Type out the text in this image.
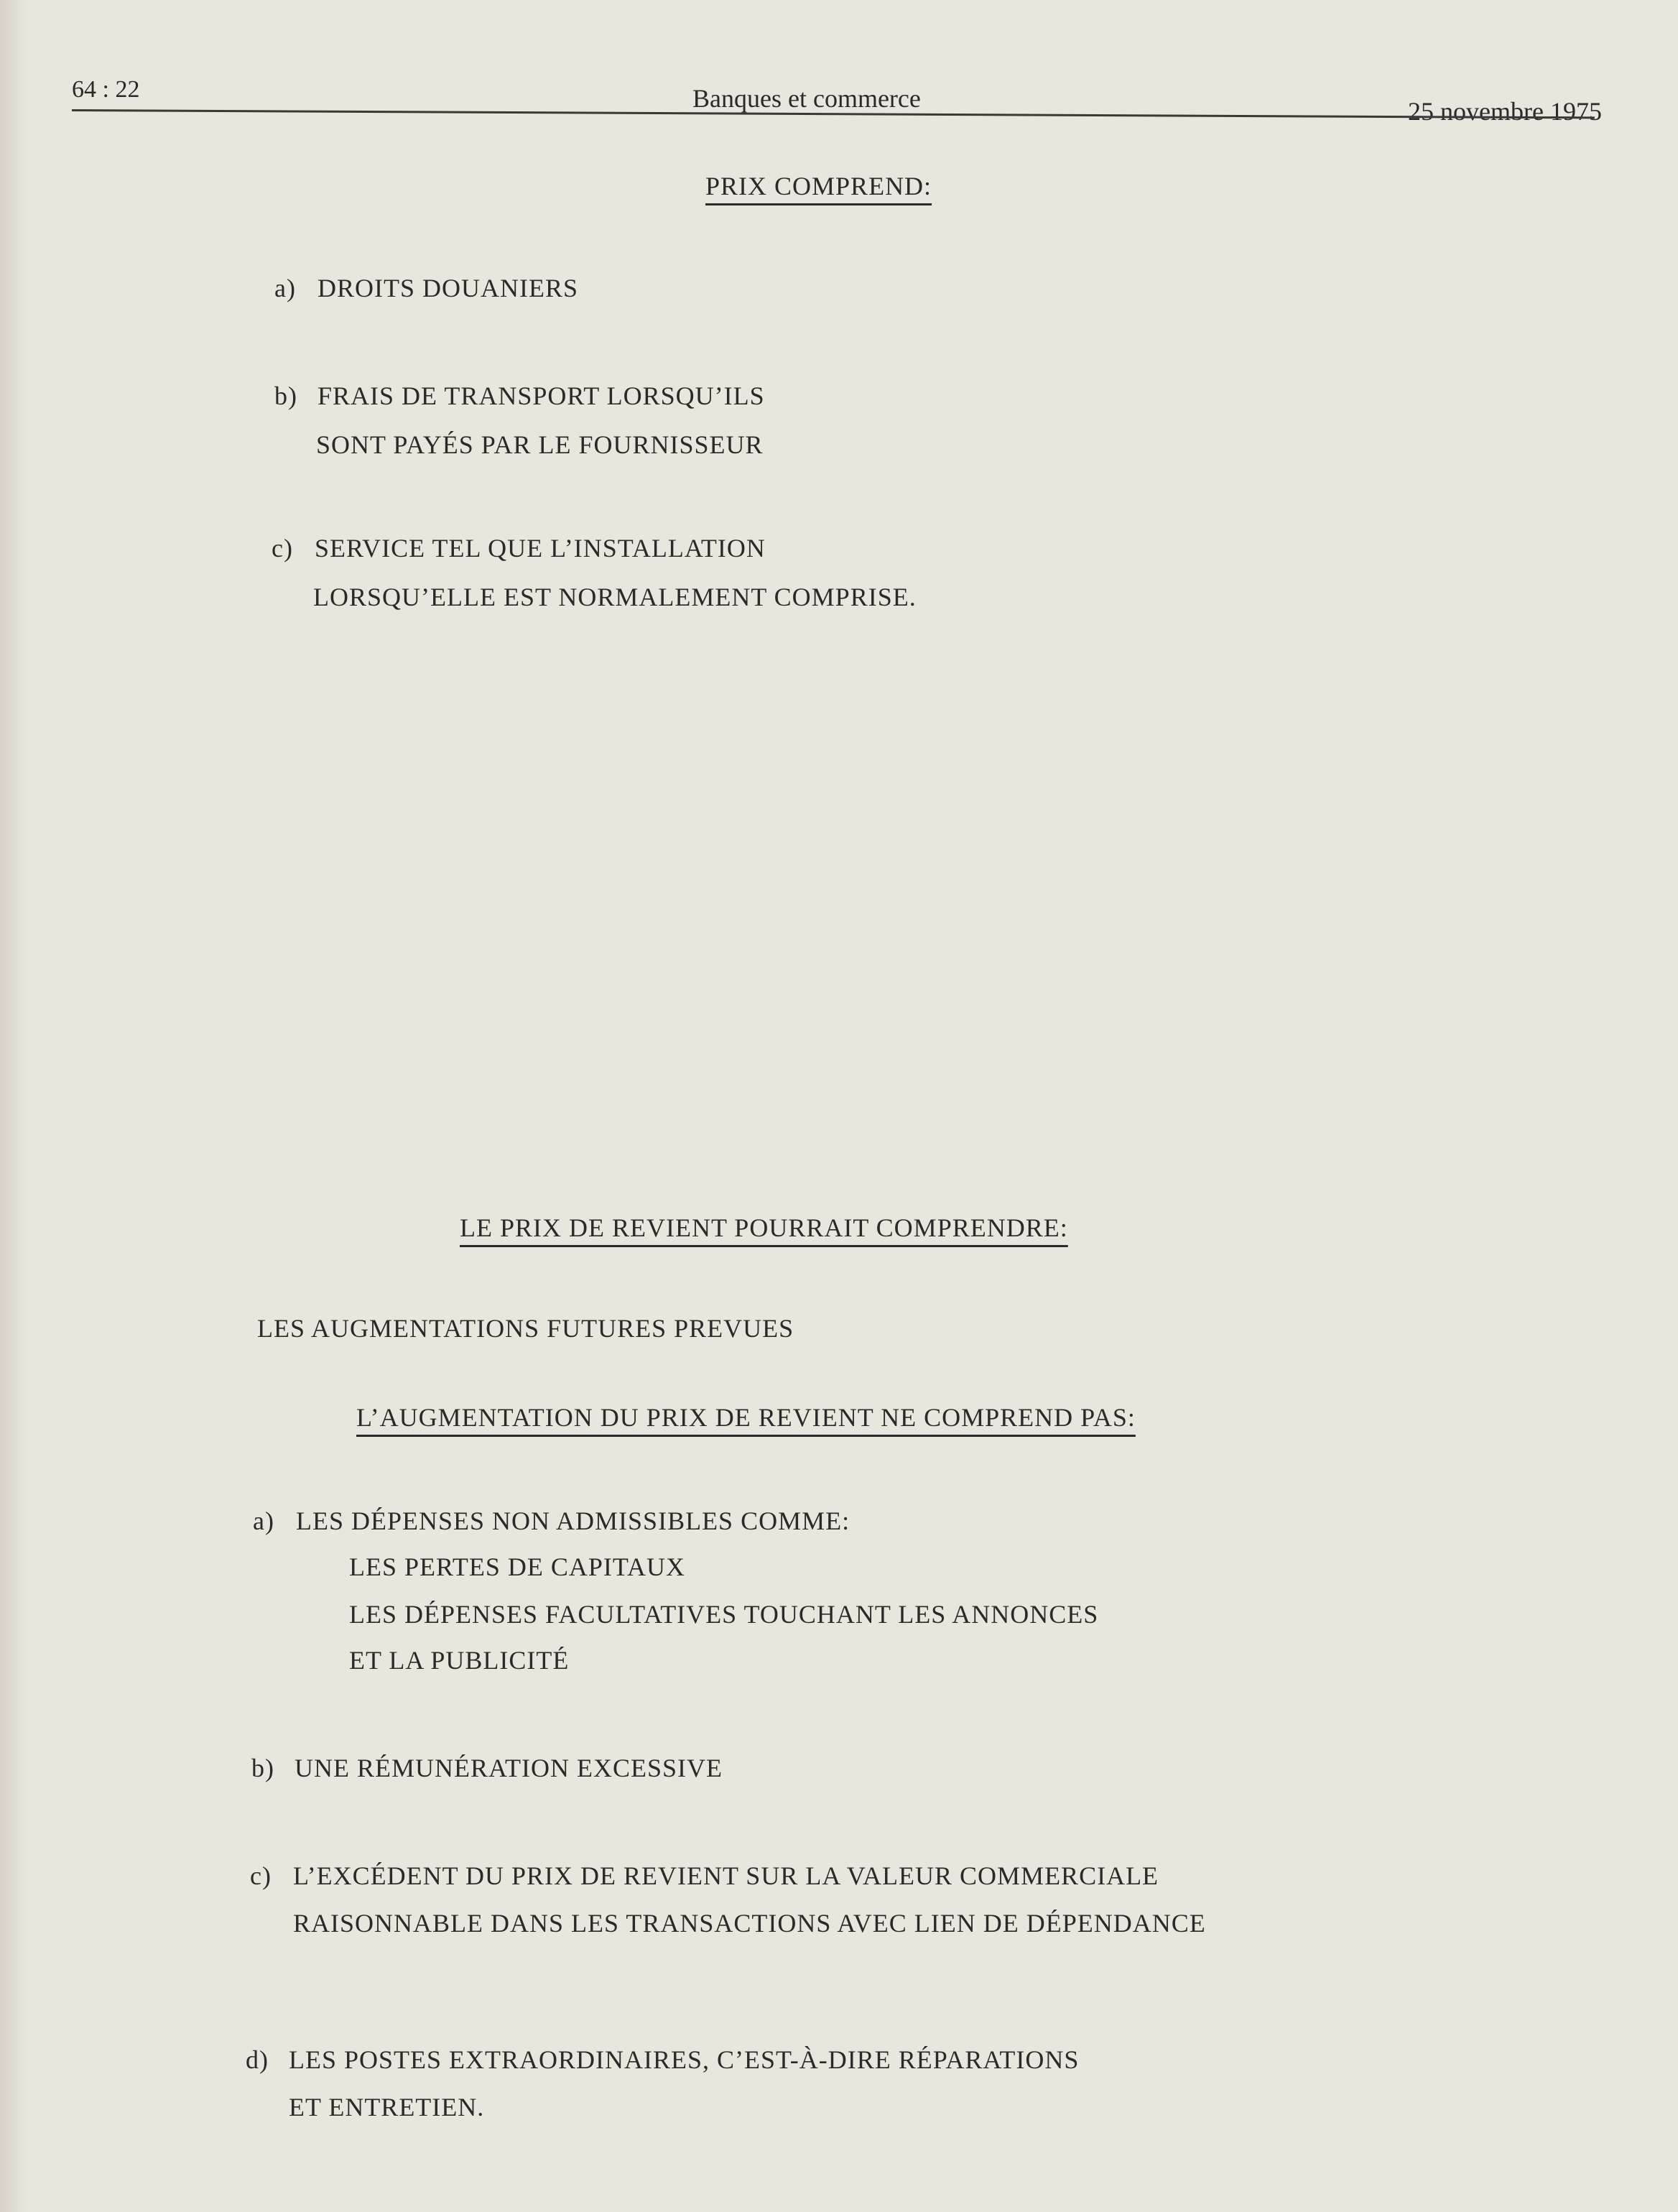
64 : 22	Banques et commerce	25 novembre 1975
PRIX COMPREND:
a) DROITS DOUANIERS
b) FRAIS DE TRANSPORT LORSQU’ILS
SONT PAYÉS PAR LE FOURNISSEUR
c) SERVICE TEL QUE L’INSTALLATION
LORSQU’ELLE EST NORMALEMENT COMPRISE.
LE PRIX DE REVIENT POURRAIT COMPRENDRE:
LES AUGMENTATIONS FUTURES PREVUES
L’AUGMENTATION DU PRIX DE REVIENT NE COMPREND PAS:
a) LES DÉPENSES NON ADMISSIBLES COMME:
LES PERTES DE CAPITAUX
LES DÉPENSES FACULTATIVES TOUCHANT LES ANNONCES
ET LA PUBLICITÉ
b) UNE RÉMUNÉRATION EXCESSIVE
c) L’EXCÉDENT DU PRIX DE REVIENT SUR LA VALEUR COMMERCIALE
RAISONNABLE DANS LES TRANSACTIONS AVEC LIEN DE DÉPENDANCE
d) LES POSTES EXTRAORDINAIRES, C’EST-À-DIRE RÉPARATIONS
ET ENTRETIEN.
